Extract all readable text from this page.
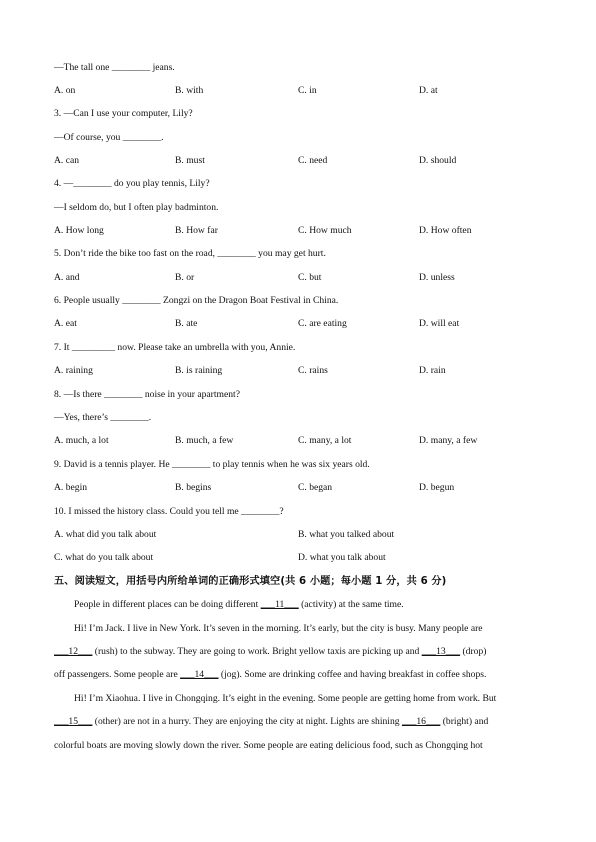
—The tall one ________ jeans.
A. on	B. with	C. in	D. at
3. —Can I use your computer, Lily?
—Of course, you ________.
A. can	B. must	C. need	D. should
4. —________ do you play tennis, Lily?
—I seldom do, but I often play badminton.
A. How long	B. How far	C. How much	D. How often
5. Don’t ride the bike too fast on the road, ________ you may get hurt.
A. and	B. or	C. but	D. unless
6. People usually ________ Zongzi on the Dragon Boat Festival in China.
A. eat	B. ate	C. are eating	D. will eat
7. It _________ now. Please take an umbrella with you, Annie.
A. raining	B. is raining	C. rains	D. rain
8. —Is there ________ noise in your apartment?
—Yes, there’s ________.
A. much, a lot	B. much, a few	C. many, a lot	D. many, a few
9. David is a tennis player. He ________ to play tennis when he was six years old.
A. begin	B. begins	C. began	D. begun
10. I missed the history class. Could you tell me ________?
A. what did you talk about	B. what you talked about
C. what do you talk about	D. what you talk about
五、阅读短文，用括号内所给单词的正确形式填空(共 6 小题；每小题 1 分，共 6 分)
People in different places can be doing different ___11___ (activity) at the same time.
Hi! I’m Jack. I live in New York. It’s seven in the morning. It’s early, but the city is busy. Many people are
___12___ (rush) to the subway. They are going to work. Bright yellow taxis are picking up and ___13___ (drop)
off passengers. Some people are ___14___ (jog). Some are drinking coffee and having breakfast in coffee shops.
Hi! I’m Xiaohua. I live in Chongqing. It’s eight in the evening. Some people are getting home from work. But
___15___ (other) are not in a hurry. They are enjoying the city at night. Lights are shining ___16___ (bright) and
colorful boats are moving slowly down the river. Some people are eating delicious food, such as Chongqing hot
